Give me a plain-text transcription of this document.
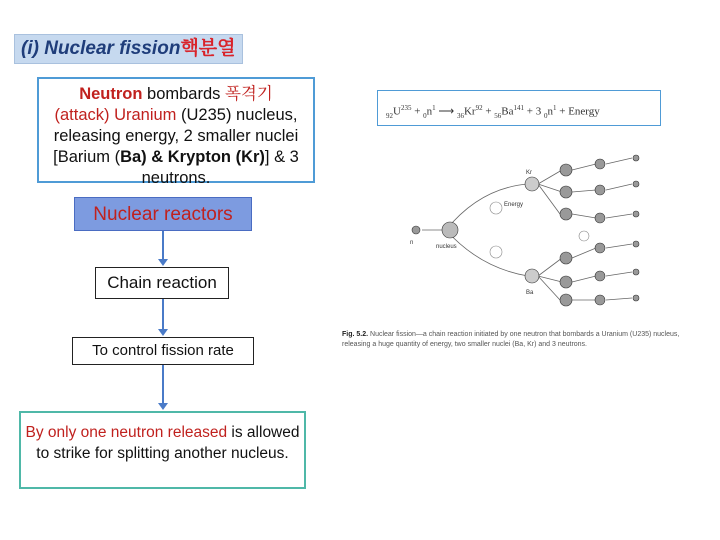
(i) Nuclear fission핵분열
Neutron bombards 폭격기
(attack) Uranium (U235) nucleus, releasing energy, 2 smaller nuclei [Barium (Ba) & Krypton (Kr)] & 3 neutrons.
Nuclear reactors
Chain reaction
To control fission rate
By only one neutron released is allowed to strike for splitting another nucleus.
$_{92}U^{235} + _0n^1$ ⟶ $_{36}Kr^{92} + _{56}Ba^{141} + 3$ $_0n^1$ + Energy
Energy
n
nucleus
Kr
Ba
Fig. 5.2. Nuclear fission—a chain reaction initiated by one neutron that bombards a Uranium (U235) nucleus, releasing a huge quantity of energy, two smaller nuclei (Ba, Kr) and 3 neutrons.
